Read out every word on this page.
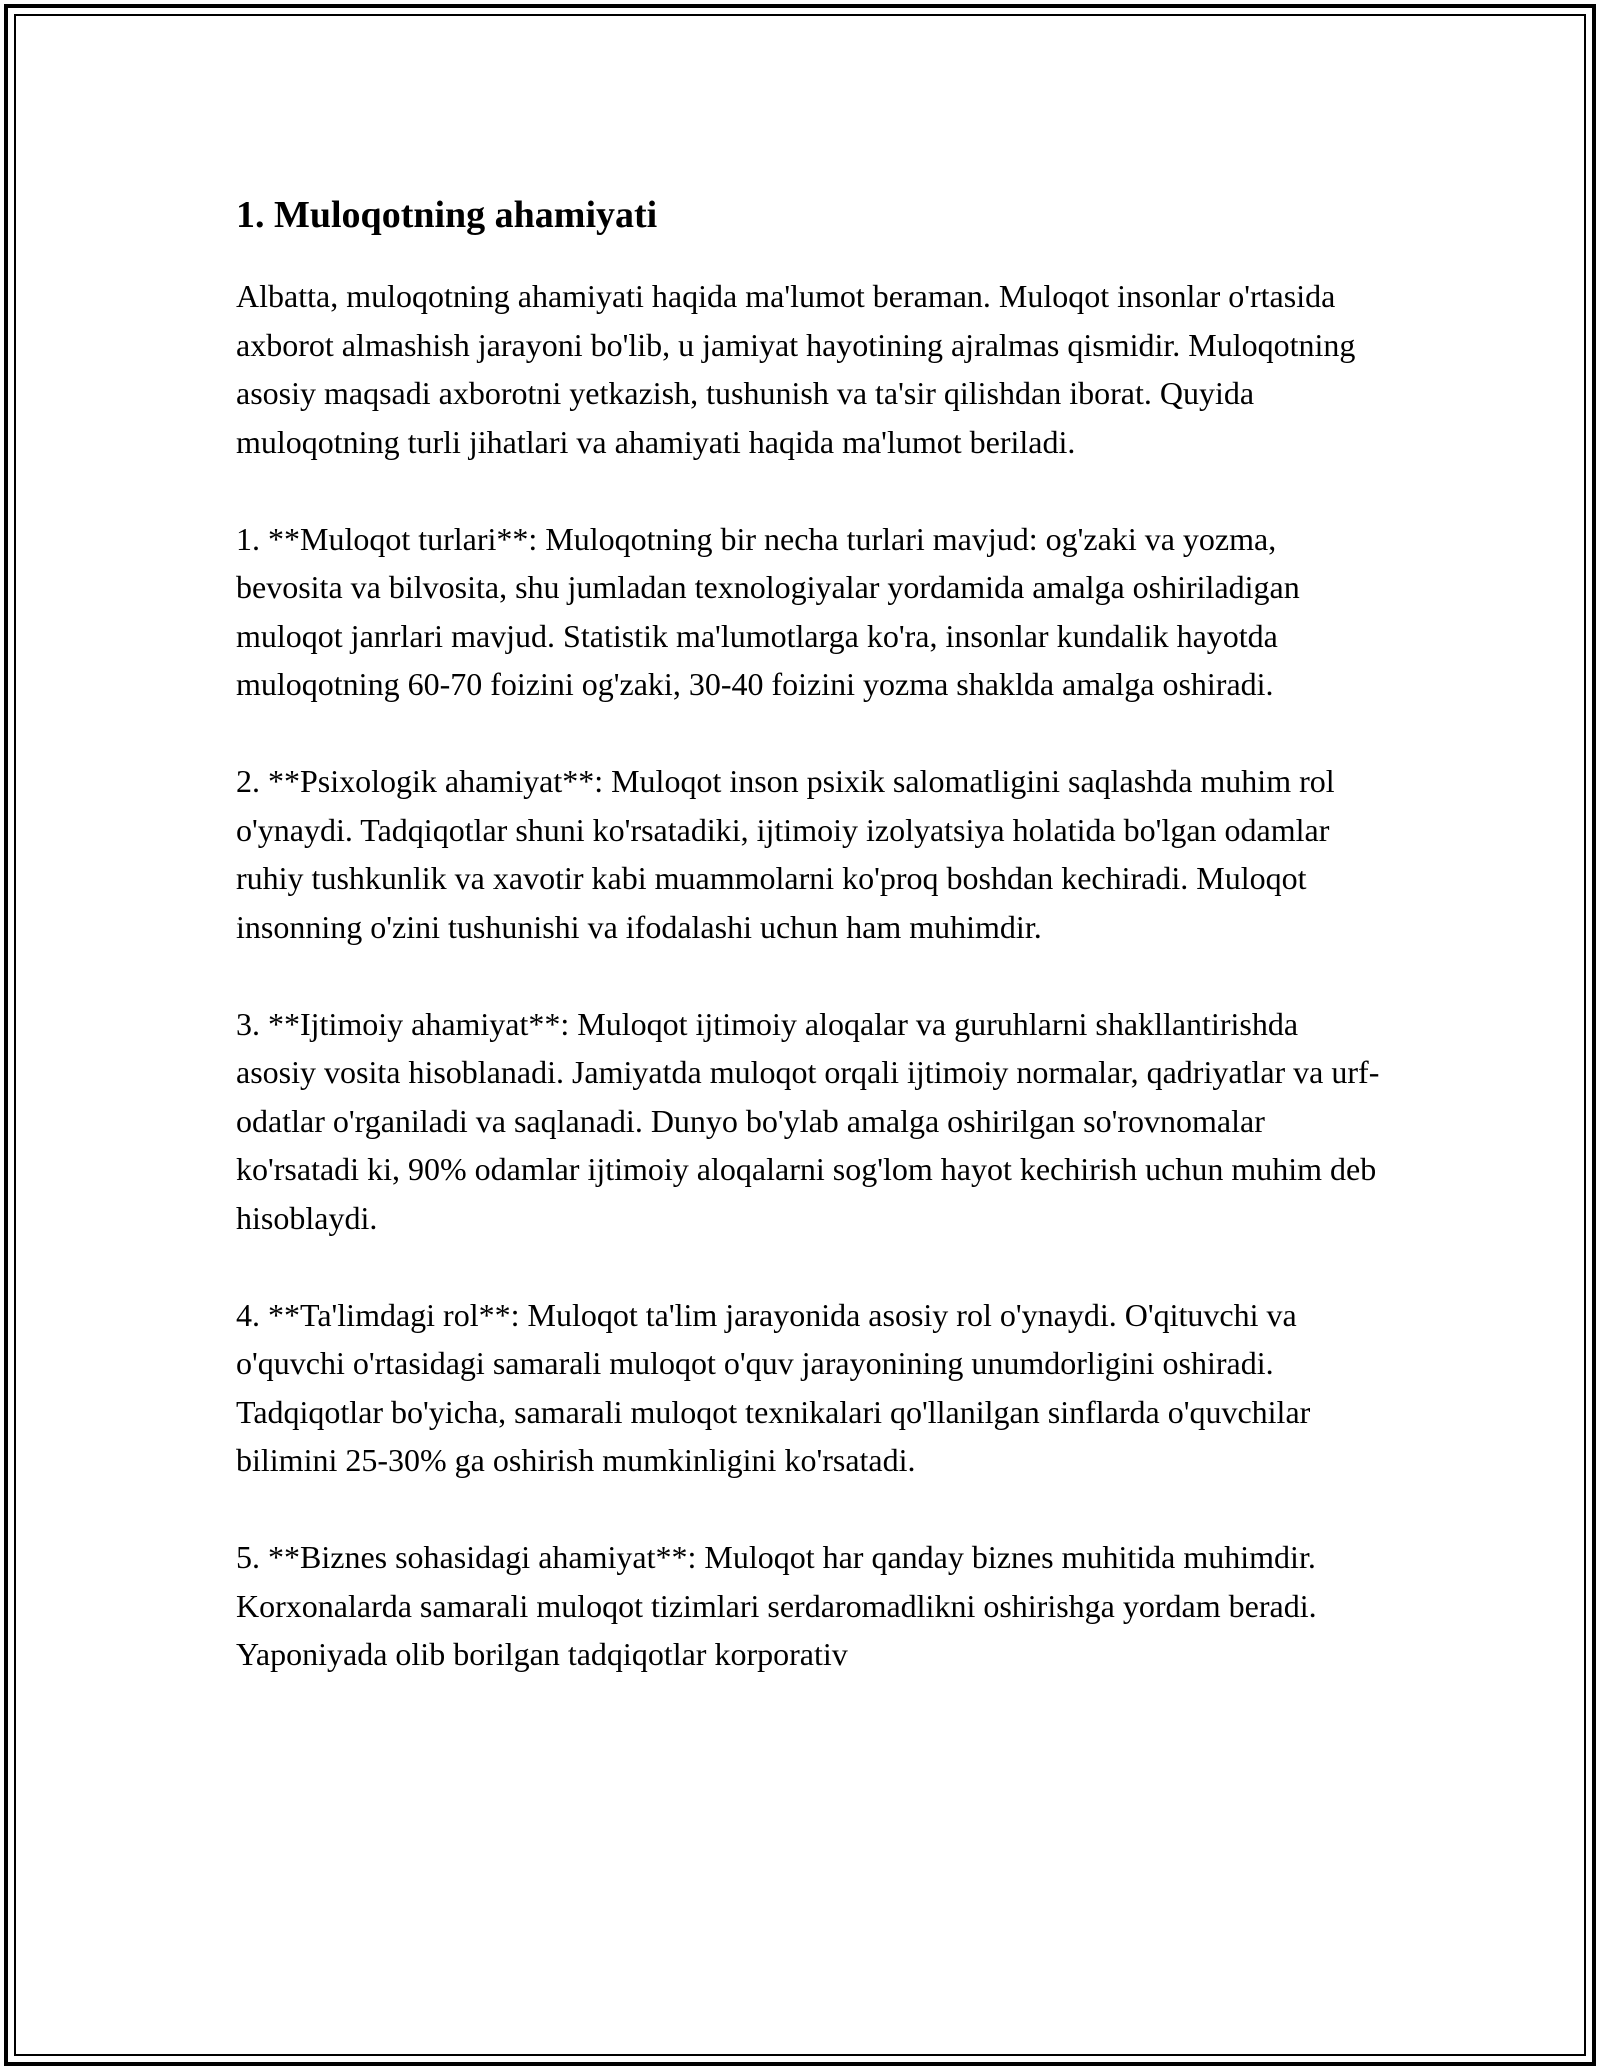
1. Muloqotning ahamiyati

Albatta, muloqotning ahamiyati haqida ma'lumot beraman. Muloqot insonlar o'rtasida axborot almashish jarayoni bo'lib, u jamiyat hayotining ajralmas qismidir. Muloqotning asosiy maqsadi axborotni yetkazish, tushunish va ta'sir qilishdan iborat. Quyida muloqotning turli jihatlari va ahamiyati haqida ma'lumot beriladi.

1. **Muloqot turlari**: Muloqotning bir necha turlari mavjud: og'zaki va yozma, bevosita va bilvosita, shu jumladan texnologiyalar yordamida amalga oshiriladigan muloqot janrlari mavjud. Statistik ma'lumotlarga ko'ra, insonlar kundalik hayotda muloqotning 60-70 foizini og'zaki, 30-40 foizini yozma shaklda amalga oshiradi.

2. **Psixologik ahamiyat**: Muloqot inson psixik salomatligini saqlashda muhim rol o'ynaydi. Tadqiqotlar shuni ko'rsatadiki, ijtimoiy izolyatsiya holatida bo'lgan odamlar ruhiy tushkunlik va xavotir kabi muammolarni ko'proq boshdan kechiradi. Muloqot insonning o'zini tushunishi va ifodalashi uchun ham muhimdir.

3. **Ijtimoiy ahamiyat**: Muloqot ijtimoiy aloqalar va guruhlarni shakllantirishda asosiy vosita hisoblanadi. Jamiyatda muloqot orqali ijtimoiy normalar, qadriyatlar va urf-odatlar o'rganiladi va saqlanadi. Dunyo bo'ylab amalga oshirilgan so'rovnomalar ko'rsatadi ki, 90% odamlar ijtimoiy aloqalarni sog'lom hayot kechirish uchun muhim deb hisoblaydi.

4. **Ta'limdagi rol**: Muloqot ta'lim jarayonida asosiy rol o'ynaydi. O'qituvchi va o'quvchi o'rtasidagi samarali muloqot o'quv jarayonining unumdorligini oshiradi. Tadqiqotlar bo'yicha, samarali muloqot texnikalari qo'llanilgan sinflarda o'quvchilar bilimini 25-30% ga oshirish mumkinligini ko'rsatadi.

5. **Biznes sohasidagi ahamiyat**: Muloqot har qanday biznes muhitida muhimdir. Korxonalarda samarali muloqot tizimlari serdaromadlikni oshirishga yordam beradi. Yaponiyada olib borilgan tadqiqotlar korporativ
